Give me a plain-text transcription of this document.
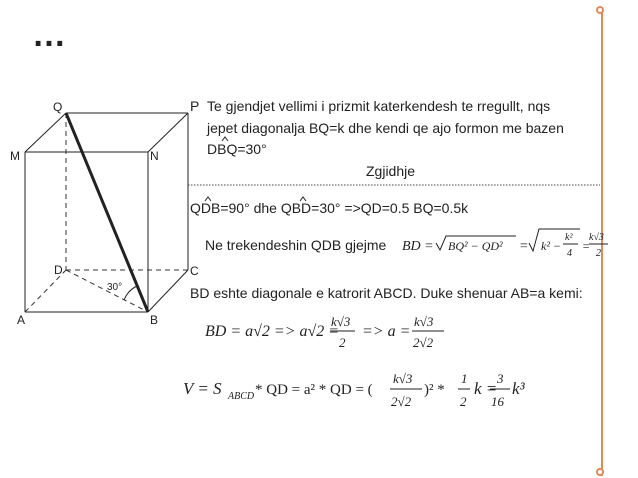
…
30°
Q
M	N
D	C
A	B
P Te gjendjet vellimi i prizmit katerkendesh te rregullt, nqs
jepet diagonalja BQ=k dhe kendi qe ajo formon me bazen
DBQ=30°
Zgjidhje
QDB=90° dhe QBD=30° =>QD=0.5 BQ=0.5k
Ne trekendeshin QDB gjejme BD = BQ² − QD² = k² −
k²
4
=
k√3
2
BD eshte diagonale e katrorit ABCD. Duke shenuar AB=a kemi:
BD = a√2 => a√2 =
k√3
2
=> a =
k√3
2√2
V = S ABCD * QD = a² * QD = (
k√3
2√2
)² *
1
2
k =
3
16
k³
